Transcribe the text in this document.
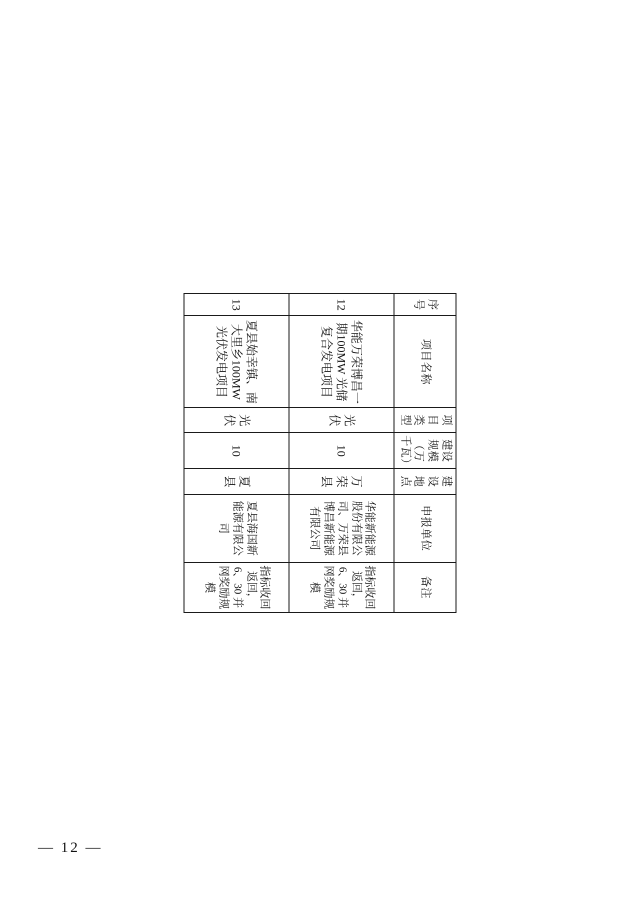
序号	项目名称	项目类型	建设规模（万千瓦）	建设地点	申报单位	备注
12	华能万荣博昌一期100MW 光储复合发电项目	光伏	10	万荣县	华能新能源股份有限公司、万荣县博昌新能源有限公司	指标收回返回，6、30 并网奖励规模
13	夏县始幸镇、南大里乡100MW 光伏发电项目	光伏	10	夏县	夏县海国新能源有限公司	指标收回返回，6、30 并网奖励规模
— 12 —
